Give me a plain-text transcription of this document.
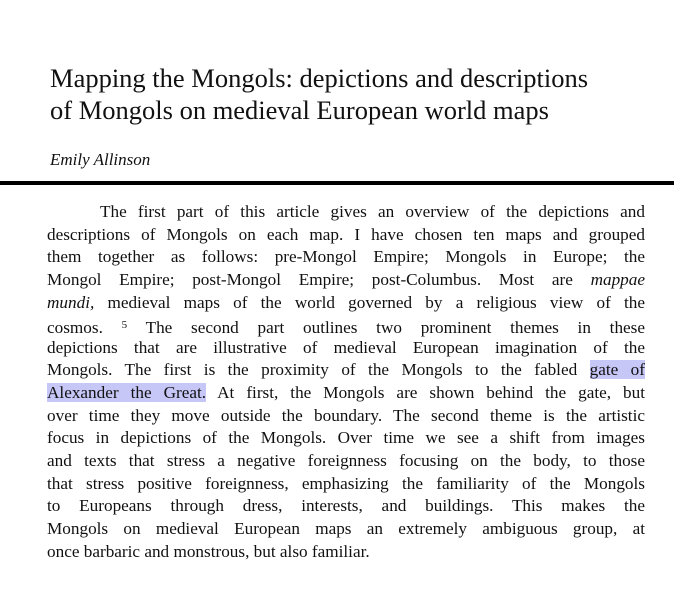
Mapping the Mongols: depictions and descriptions
of Mongols on medieval European world maps
Emily Allinson
The first part of this article gives an overview of the depictions and
descriptions of Mongols on each map. I have chosen ten maps and grouped
them together as follows: pre-Mongol Empire; Mongols in Europe; the
Mongol Empire; post-Mongol Empire; post-Columbus. Most are mappae
mundi, medieval maps of the world governed by a religious view of the
cosmos. $^5$ The second part outlines two prominent themes in these
depictions that are illustrative of medieval European imagination of the
Mongols. The first is the proximity of the Mongols to the fabled gate of
Alexander the Great. At first, the Mongols are shown behind the gate, but
over time they move outside the boundary. The second theme is the artistic
focus in depictions of the Mongols. Over time we see a shift from images
and texts that stress a negative foreignness focusing on the body, to those
that stress positive foreignness, emphasizing the familiarity of the Mongols
to Europeans through dress, interests, and buildings. This makes the
Mongols on medieval European maps an extremely ambiguous group, at
once barbaric and monstrous, but also familiar.
